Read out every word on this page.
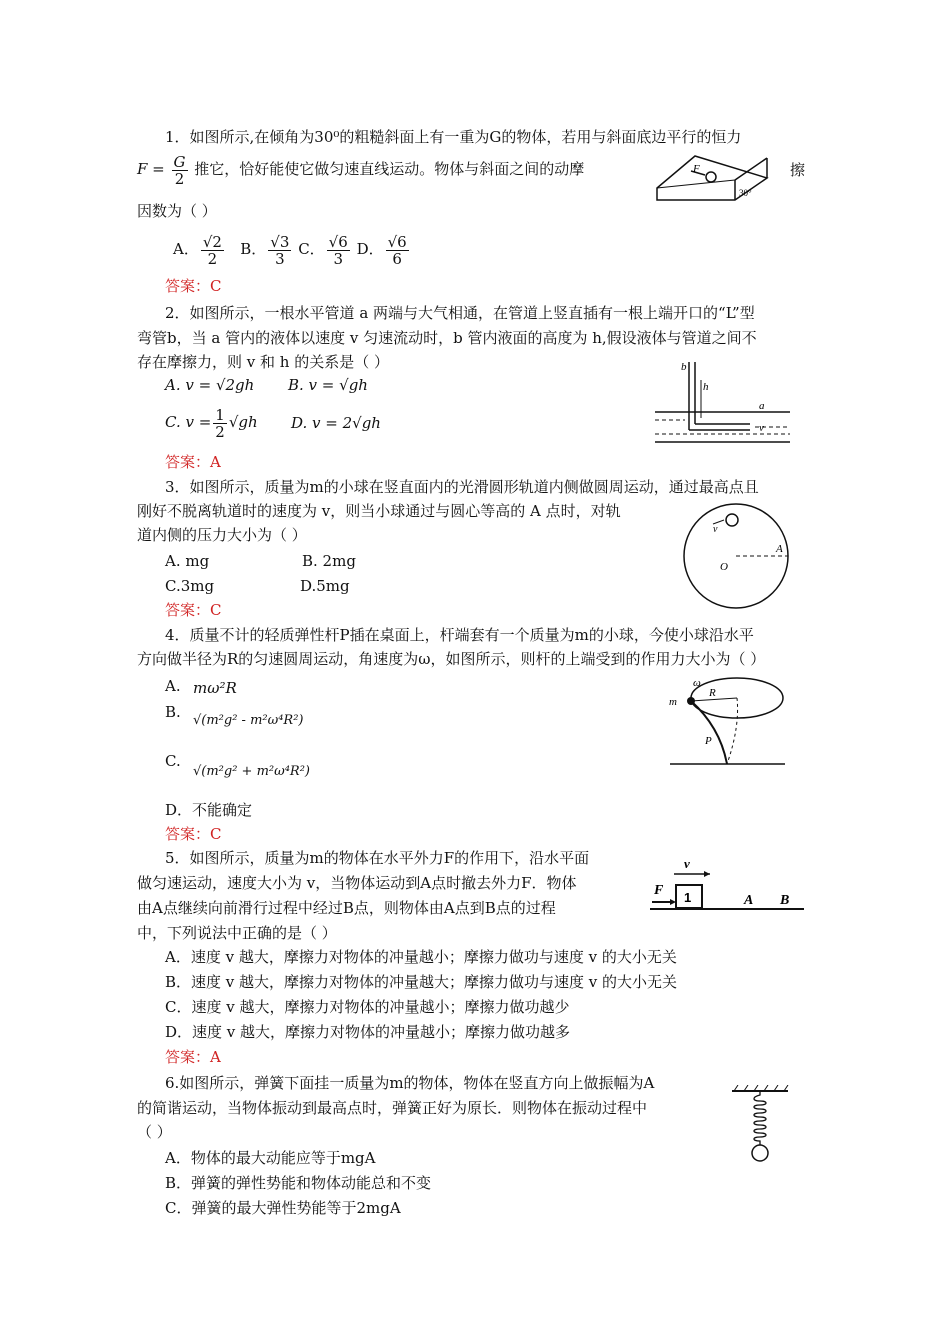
1．如图所示,在倾角为30⁰的粗糙斜面上有一重为G的物体，若用与斜面底边平行的恒力
$F = \frac{G}{2}$ 推它，恰好能使它做匀速直线运动。物体与斜面之间的动摩	擦
因数为（ ）
A． $\frac{√2}{2}$ B． $\frac{√3}{3}$ C． $\frac{√6}{3}$ D． $\frac{√6}{6}$
答案：C
F
30°
2．如图所示，一根水平管道 a 两端与大气相通，在管道上竖直插有一根上端开口的“L”型
弯管b，当 a 管内的液体以速度 v 匀速流动时，b 管内液面的高度为 h,假设液体与管道之间不
存在摩擦力，则 v 和 h 的关系是（ ）
A. v = √2gh B. v = √gh
C. $v = \frac{1}{2} √gh$ D. v = 2√gh
答案：A
b
h
a
v
3．如图所示，质量为m的小球在竖直面内的光滑圆形轨道内侧做圆周运动，通过最高点且
刚好不脱离轨道时的速度为 v，则当小球通过与圆心等高的 A 点时，对轨
道内侧的压力大小为（ ）
A. mg	B. 2mg
C.3mg	D.5mg
答案：C
v
A
O
4．质量不计的轻质弹性杆P插在桌面上，杆端套有一个质量为m的小球，今使小球沿水平
方向做半径为R的匀速圆周运动，角速度为ω，如图所示，则杆的上端受到的作用力大小为（ ）
A. mω²R
B. √(m²g² - m²ω⁴R²)
C.
√(m²g² + m²ω⁴R²)
D．不能确定
答案：C
ω
R
m
P
5．如图所示，质量为m的物体在水平外力F的作用下，沿水平面
做匀速运动，速度大小为 v，当物体运动到A点时撤去外力F．物体
由A点继续向前滑行过程中经过B点，则物体由A点到B点的过程
中，下列说法中正确的是（ ）
A．速度 v 越大，摩擦力对物体的冲量越小；摩擦力做功与速度 v 的大小无关
B．速度 v 越大，摩擦力对物体的冲量越大；摩擦力做功与速度 v 的大小无关
C．速度 v 越大，摩擦力对物体的冲量越小；摩擦力做功越少
D．速度 v 越大，摩擦力对物体的冲量越小；摩擦力做功越多
答案：A
v
F 1	A B
6.如图所示，弹簧下面挂一质量为m的物体，物体在竖直方向上做振幅为A
的简谐运动，当物体振动到最高点时，弹簧正好为原长．则物体在振动过程中
（ ）
A．物体的最大动能应等于mgA
B．弹簧的弹性势能和物体动能总和不变
C．弹簧的最大弹性势能等于2mgA
